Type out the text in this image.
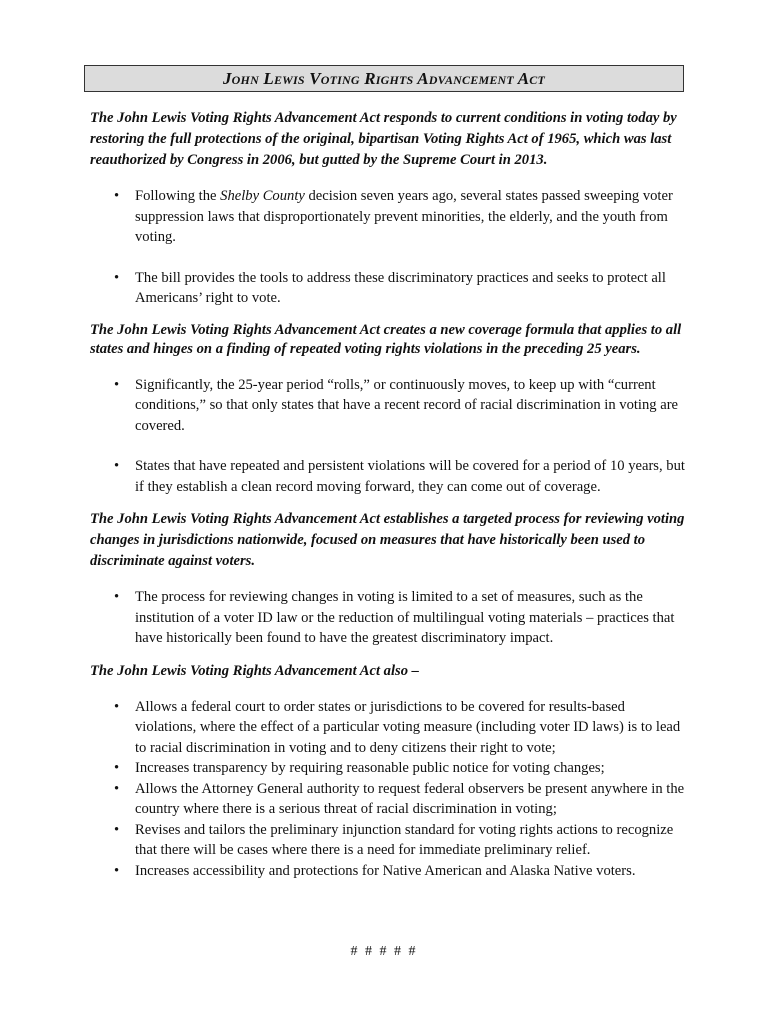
John Lewis Voting Rights Advancement Act

The John Lewis Voting Rights Advancement Act responds to current conditions in voting today by restoring the full protections of the original, bipartisan Voting Rights Act of 1965, which was last reauthorized by Congress in 2006, but gutted by the Supreme Court in 2013.

• Following the Shelby County decision seven years ago, several states passed sweeping voter suppression laws that disproportionately prevent minorities, the elderly, and the youth from voting.
• The bill provides the tools to address these discriminatory practices and seeks to protect all Americans’ right to vote.

The John Lewis Voting Rights Advancement Act creates a new coverage formula that applies to all states and hinges on a finding of repeated voting rights violations in the preceding 25 years.

• Significantly, the 25-year period “rolls,” or continuously moves, to keep up with “current conditions,” so that only states that have a recent record of racial discrimination in voting are covered.
• States that have repeated and persistent violations will be covered for a period of 10 years, but if they establish a clean record moving forward, they can come out of coverage.

The John Lewis Voting Rights Advancement Act establishes a targeted process for reviewing voting changes in jurisdictions nationwide, focused on measures that have historically been used to discriminate against voters.

• The process for reviewing changes in voting is limited to a set of measures, such as the institution of a voter ID law or the reduction of multilingual voting materials – practices that have historically been found to have the greatest discriminatory impact.

The John Lewis Voting Rights Advancement Act also –

• Allows a federal court to order states or jurisdictions to be covered for results-based violations, where the effect of a particular voting measure (including voter ID laws) is to lead to racial discrimination in voting and to deny citizens their right to vote;
• Increases transparency by requiring reasonable public notice for voting changes;
• Allows the Attorney General authority to request federal observers be present anywhere in the country where there is a serious threat of racial discrimination in voting;
• Revises and tailors the preliminary injunction standard for voting rights actions to recognize that there will be cases where there is a need for immediate preliminary relief.
• Increases accessibility and protections for Native American and Alaska Native voters.
# # # # #
